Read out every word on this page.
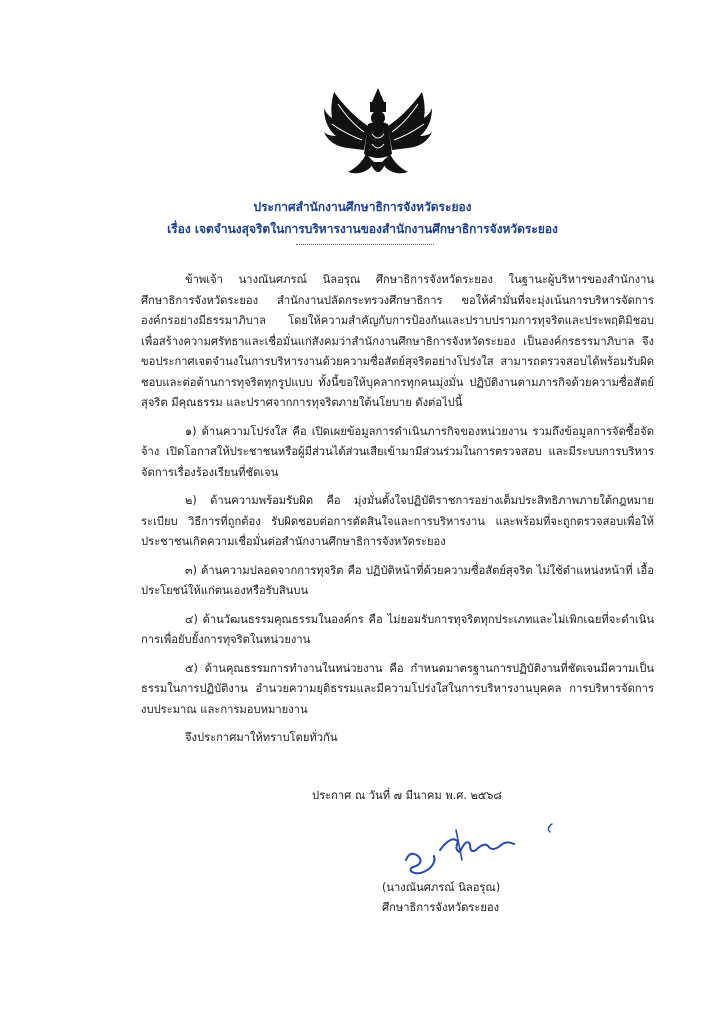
ประกาศสำนักงานศึกษาธิการจังหวัดระยอง
เรื่อง เจตจำนงสุจริตในการบริหารงานของสำนักงานศึกษาธิการจังหวัดระยอง

ข้าพเจ้า นางณันศภรณ์ นิลอรุณ ศึกษาธิการจังหวัดระยอง ในฐานะผู้บริหารของสำนักงานศึกษาธิการจังหวัดระยอง สำนักงานปลัดกระทรวงศึกษาธิการ ขอให้คำมั่นที่จะมุ่งเน้นการบริหารจัดการองค์กรอย่างมีธรรมาภิบาล โดยให้ความสำคัญกับการป้องกันและปราบปรามการทุจริตและประพฤติมิชอบ เพื่อสร้างความศรัทธาและเชื่อมั่นแก่สังคมว่าสำนักงานศึกษาธิการจังหวัดระยอง เป็นองค์กรธรรมาภิบาล จึงขอประกาศเจตจำนงในการบริหารงานด้วยความซื่อสัตย์สุจริตอย่างโปร่งใส สามารถตรวจสอบได้พร้อมรับผิดชอบและต่อต้านการทุจริตทุกรูปแบบ ทั้งนี้ขอให้บุคลากรทุกคนมุ่งมั่น ปฏิบัติงานตามภารกิจด้วยความซื่อสัตย์สุจริต มีคุณธรรม และปราศจากการทุจริตภายใต้นโยบาย ดังต่อไปนี้

๑) ด้านความโปร่งใส คือ เปิดเผยข้อมูลการดำเนินภารกิจของหน่วยงาน รวมถึงข้อมูลการจัดซื้อจัดจ้าง เปิดโอกาสให้ประชาชนหรือผู้มีส่วนได้ส่วนเสียเข้ามามีส่วนร่วมในการตรวจสอบ และมีระบบการบริหารจัดการเรื่องร้องเรียนที่ชัดเจน

๒) ด้านความพร้อมรับผิด คือ มุ่งมั่นตั้งใจปฏิบัติราชการอย่างเต็มประสิทธิภาพภายใต้กฎหมาย ระเบียบ วิธีการที่ถูกต้อง รับผิดชอบต่อการตัดสินใจและการบริหารงาน และพร้อมที่จะถูกตรวจสอบเพื่อให้ประชาชนเกิดความเชื่อมั่นต่อสำนักงานศึกษาธิการจังหวัดระยอง

๓) ด้านความปลอดจากการทุจริต คือ ปฏิบัติหน้าที่ด้วยความซื่อสัตย์สุจริต ไม่ใช้ตำแหน่งหน้าที่ เอื้อประโยชน์ให้แก่ตนเองหรือรับสินบน

๔) ด้านวัฒนธรรมคุณธรรมในองค์กร คือ ไม่ยอมรับการทุจริตทุกประเภทและไม่เพิกเฉยที่จะดำเนินการเพื่อยับยั้งการทุจริตในหน่วยงาน

๕) ด้านคุณธรรมการทำงานในหน่วยงาน คือ กำหนดมาตรฐานการปฏิบัติงานที่ชัดเจนมีความเป็นธรรมในการปฏิบัติงาน อำนวยความยุติธรรมและมีความโปร่งใสในการบริหารงานบุคคล การบริหารจัดการงบประมาณ และการมอบหมายงาน

จึงประกาศมาให้ทราบโดยทั่วกัน

ประกาศ ณ วันที่ ๗ มีนาคม พ.ศ. ๒๕๖๘
(นางณันศภรณ์ นิลอรุณ)
ศึกษาธิการจังหวัดระยอง
